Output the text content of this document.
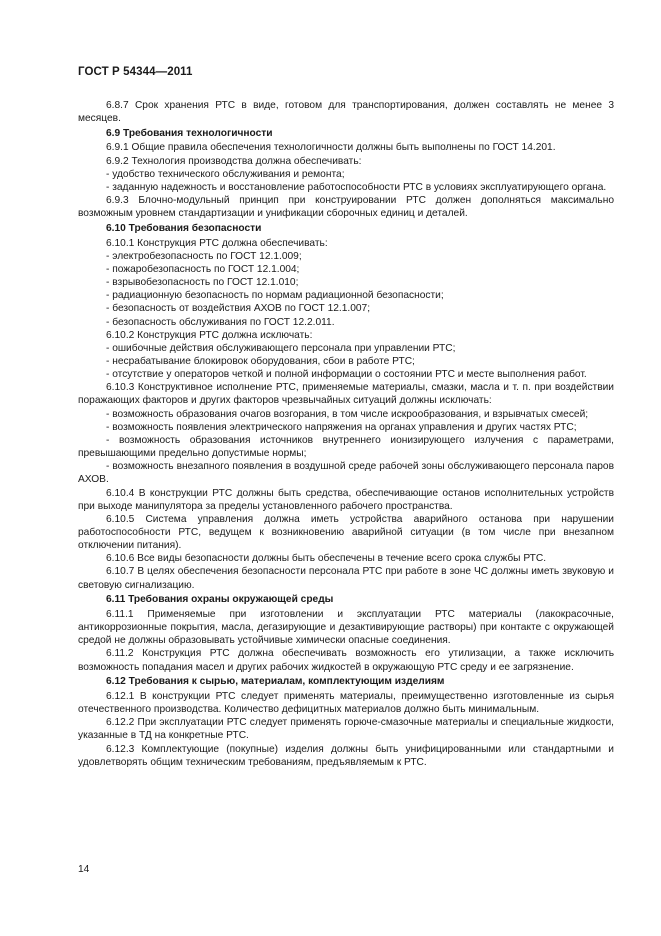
ГОСТ Р 54344—2011

6.8.7 Срок хранения РТС в виде, готовом для транспортирования, должен составлять не менее 3 месяцев.

6.9 Требования технологичности

6.9.1 Общие правила обеспечения технологичности должны быть выполнены по ГОСТ 14.201.

6.9.2 Технология производства должна обеспечивать:

- удобство технического обслуживания и ремонта;

- заданную надежность и восстановление работоспособности РТС в условиях эксплуатирующего органа.

6.9.3 Блочно-модульный принцип при конструировании РТС должен дополняться максимально возможным уровнем стандартизации и унификации сборочных единиц и деталей.

6.10 Требования безопасности

6.10.1 Конструкция РТС должна обеспечивать:

- электробезопасность по ГОСТ 12.1.009;

- пожаробезопасность по ГОСТ 12.1.004;

- взрывобезопасность по ГОСТ 12.1.010;

- радиационную безопасность по нормам радиационной безопасности;

- безопасность от воздействия АХОВ по ГОСТ 12.1.007;

- безопасность обслуживания по ГОСТ 12.2.011.

6.10.2 Конструкция РТС должна исключать:

- ошибочные действия обслуживающего персонала при управлении РТС;

- несрабатывание блокировок оборудования, сбои в работе РТС;

- отсутствие у операторов четкой и полной информации о состоянии РТС и месте выполнения работ.

6.10.3 Конструктивное исполнение РТС, применяемые материалы, смазки, масла и т. п. при воздействии поражающих факторов и других факторов чрезвычайных ситуаций должны исключать:

- возможность образования очагов возгорания, в том числе искрообразования, и взрывчатых смесей;

- возможность появления электрического напряжения на органах управления и других частях РТС;

- возможность образования источников внутреннего ионизирующего излучения с параметрами, превышающими предельно допустимые нормы;

- возможность внезапного появления в воздушной среде рабочей зоны обслуживающего персонала паров АХОВ.

6.10.4 В конструкции РТС должны быть средства, обеспечивающие останов исполнительных устройств при выходе манипулятора за пределы установленного рабочего пространства.

6.10.5 Система управления должна иметь устройства аварийного останова при нарушении работоспособности РТС, ведущем к возникновению аварийной ситуации (в том числе при внезапном отключении питания).

6.10.6 Все виды безопасности должны быть обеспечены в течение всего срока службы РТС.

6.10.7 В целях обеспечения безопасности персонала РТС при работе в зоне ЧС должны иметь звуковую и световую сигнализацию.

6.11 Требования охраны окружающей среды

6.11.1 Применяемые при изготовлении и эксплуатации РТС материалы (лакокрасочные, антикоррозионные покрытия, масла, дегазирующие и дезактивирующие растворы) при контакте с окружающей средой не должны образовывать устойчивые химически опасные соединения.

6.11.2 Конструкция РТС должна обеспечивать возможность его утилизации, а также исключить возможность попадания масел и других рабочих жидкостей в окружающую РТС среду и ее загрязнение.

6.12 Требования к сырью, материалам, комплектующим изделиям

6.12.1 В конструкции РТС следует применять материалы, преимущественно изготовленные из сырья отечественного производства. Количество дефицитных материалов должно быть минимальным.

6.12.2 При эксплуатации РТС следует применять горюче-смазочные материалы и специальные жидкости, указанные в ТД на конкретные РТС.

6.12.3 Комплектующие (покупные) изделия должны быть унифицированными или стандартными и удовлетворять общим техническим требованиям, предъявляемым к РТС.

14
